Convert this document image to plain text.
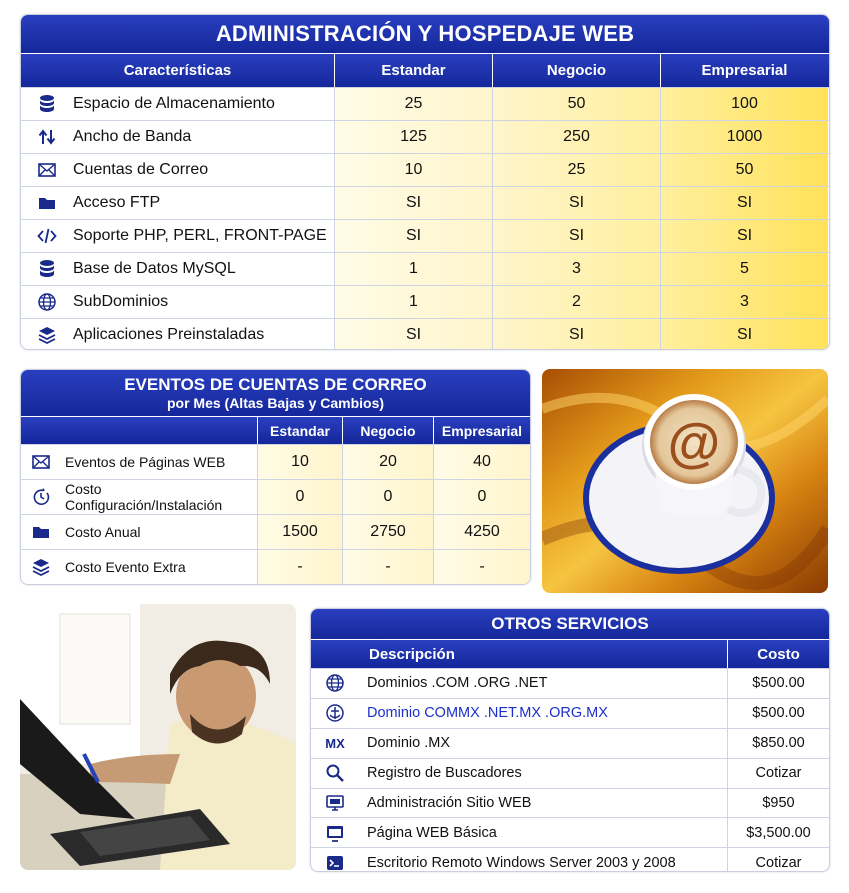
ADMINISTRACIÓN Y HOSPEDAJE WEB
Características	Estandar	Negocio	Empresarial
Espacio de Almacenamiento	25	50	100
Ancho de Banda	125	250	1000
Cuentas de Correo	10	25	50
Acceso FTP	SI	SI	SI
Soporte PHP, PERL, FRONT-PAGE	SI	SI	SI
Base de Datos MySQL	1	3	5
SubDominios	1	2	3
Aplicaciones Preinstaladas	SI	SI	SI
EVENTOS DE CUENTAS DE CORREO
por Mes (Altas Bajas y Cambios)
Estandar	Negocio	Empresarial
Eventos de Páginas WEB	10	20	40
Costo Configuración/Instalación	0	0	0
Costo Anual	1500	2750	4250
Costo Evento Extra	-	-	-
@
OTROS SERVICIOS
Descripción	Costo
Dominios .COM .ORG .NET	$500.00
Dominio COMMX .NET.MX .ORG.MX	$500.00
MX Dominio .MX	$850.00
Registro de Buscadores	Cotizar
Administración Sitio WEB	$950
Página WEB Básica	$3,500.00
Escritorio Remoto Windows Server 2003 y 2008	Cotizar
